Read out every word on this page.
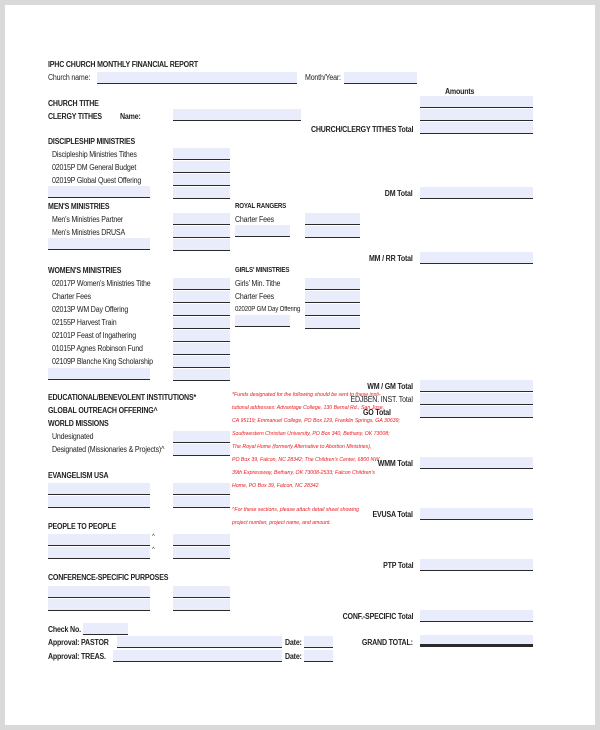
IPHC CHURCH MONTHLY FINANCIAL REPORT
Church name:	Month/Year:
Amounts
CHURCH TITHE
CLERGY TITHES Name:
CHURCH/CLERGY TITHES Total
DISCIPLESHIP MINISTRIES
Discipleship Ministries Tithes
02015P DM General Budget
02019P Global Quest Offering
DM Total
MEN'S MINISTRIES
Men's Ministries Partner
Men's Ministries DRUSA
ROYAL RANGERS
Charter Fees
MM / RR Total
WOMEN'S MINISTRIES
02017P Women's Ministries Tithe
Charter Fees
02013P WM Day Offering
02155P Harvest Train
02101P Feast of Ingathering
01015P Agnes Robinson Fund
02109P Blanche King Scholarship
GIRLS' MINISTRIES
Girls' Min. Tithe
Charter Fees
02020P GM Day Offering
WM / GM Total
EDJBEN. INST. Total
GO Total
EDUCATIONAL/BENEVOLENT INSTITUTIONS*
GLOBAL OUTREACH OFFERING^
WORLD MISSIONS
Undesignated
Designated (Missionaries & Projects)^
*Funds designated for the following should be sent to these insti-
tutional addresses: Advantage College, 130 Bernal Rd., San Jose,
CA 95119; Emmanuel College, PO Box 129, Franklin Springs, GA 30639;
Southwestern Christian University, PO Box 340, Bethany, OK 73008;
The Royal Home (formerly Alternative to Abortion Ministries),
PO Box 39, Falcon, NC 28342; The Children's Center, 6800 NW
39th Expressway, Bethany, OK 73008-2533; Falcon Children's
Home, PO Box 39, Falcon, NC 28342
^For these sections, please attach detail sheet showing
project number, project name, and amount.
WMM Total
EVANGELISM USA
EVUSA Total
PEOPLE TO PEOPLE
^
^
PTP Total
CONFERENCE-SPECIFIC PURPOSES
CONF.-SPECIFIC Total
Check No.
Approval: PASTOR	Date:
Approval: TREAS.	Date:
GRAND TOTAL:
